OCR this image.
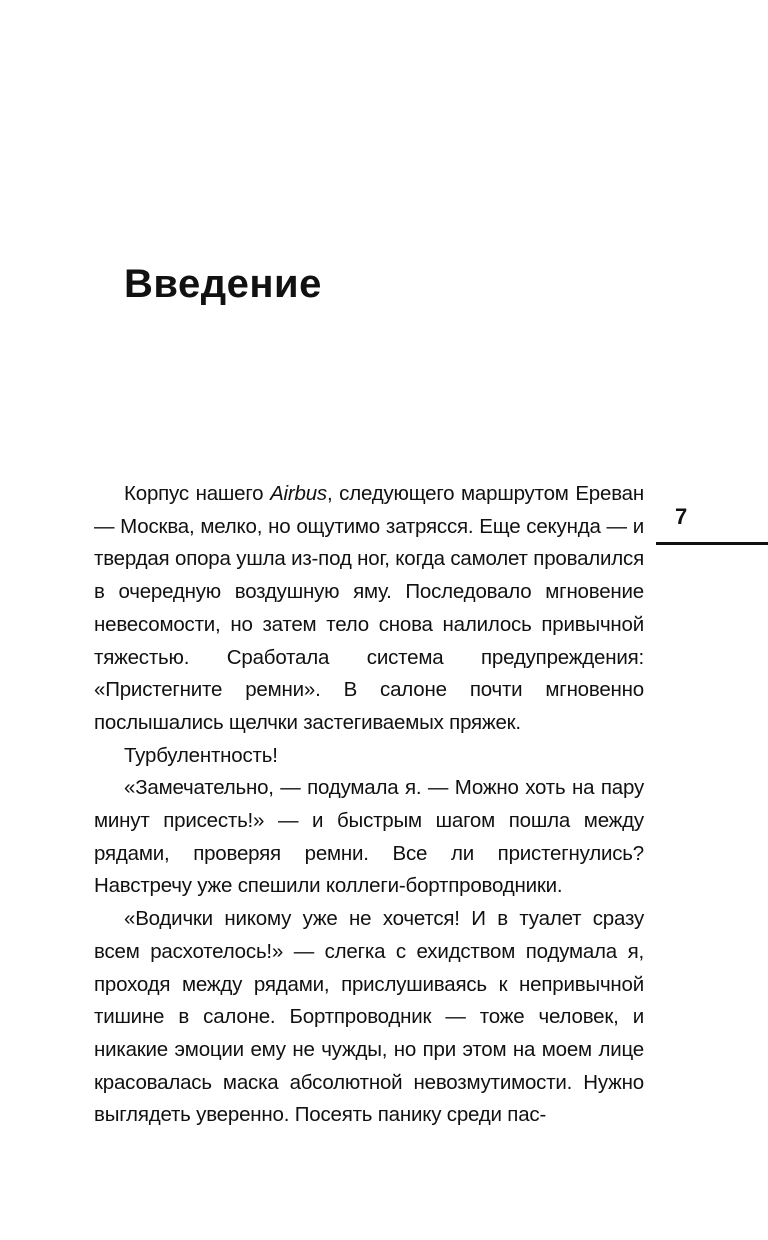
Введение
7

Корпус нашего Airbus, следующего маршрутом Ереван — Москва, мелко, но ощутимо затрясся. Еще секунда — и твердая опора ушла из-под ног, когда самолет провалился в очередную воздушную яму. Последовало мгновение невесомости, но затем тело снова налилось привычной тяжестью. Сработала система предупреждения: «Пристегните ремни». В салоне почти мгновенно послышались щелчки застегиваемых пряжек.

Турбулентность!

«Замечательно, — подумала я. — Можно хоть на пару минут присесть!» — и быстрым шагом пошла между рядами, проверяя ремни. Все ли пристегнулись? Навстречу уже спешили коллеги-бортпроводники.

«Водички никому уже не хочется! И в туалет сразу всем расхотелось!» — слегка с ехидством подумала я, проходя между рядами, прислушиваясь к непривычной тишине в салоне. Бортпроводник — тоже человек, и никакие эмоции ему не чужды, но при этом на моем лице красовалась маска абсолютной невозмутимости. Нужно выглядеть уверенно. Посеять панику среди пас-
